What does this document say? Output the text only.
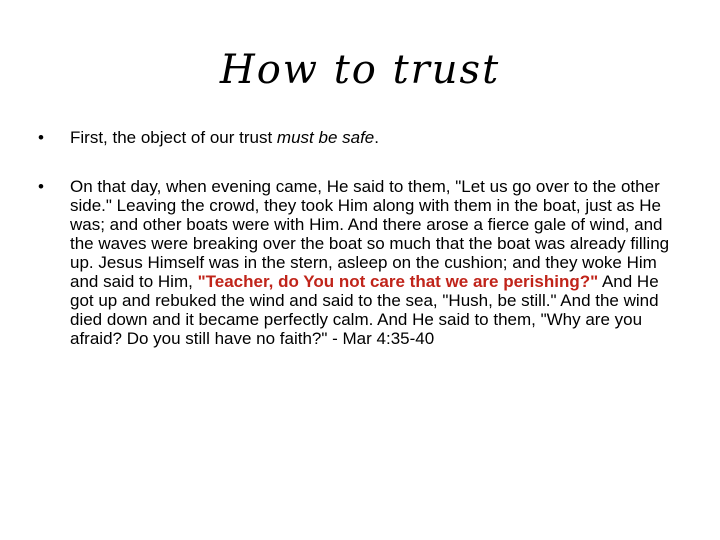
How to trust
•	First, the object of our trust must be safe.
•	On that day, when evening came, He said to them, "Let us go over to the other side." Leaving the crowd, they took Him along with them in the boat, just as He was; and other boats were with Him. And there arose a fierce gale of wind, and the waves were breaking over the boat so much that the boat was already filling up. Jesus Himself was in the stern, asleep on the cushion; and they woke Him and said to Him, "Teacher, do You not care that we are perishing?" And He got up and rebuked the wind and said to the sea, "Hush, be still." And the wind died down and it became perfectly calm. And He said to them, "Why are you afraid? Do you still have no faith?" - Mar 4:35-40
